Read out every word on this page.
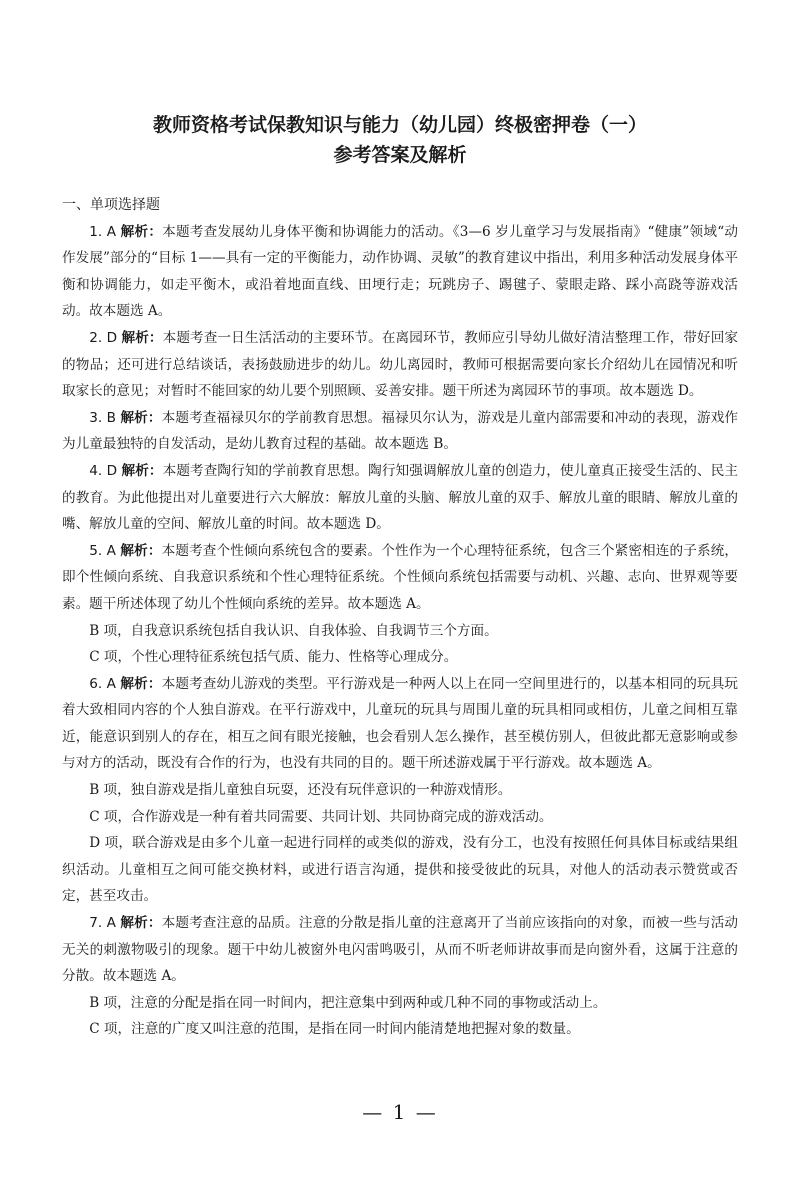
教师资格考试保教知识与能力（幼儿园）终极密押卷（一）
参考答案及解析
一、单项选择题

1. A 解析：本题考查发展幼儿身体平衡和协调能力的活动。《3—6 岁儿童学习与发展指南》“健康”领域“动作发展”部分的“目标 1——具有一定的平衡能力，动作协调、灵敏”的教育建议中指出，利用多种活动发展身体平衡和协调能力，如走平衡木，或沿着地面直线、田埂行走；玩跳房子、踢毽子、蒙眼走路、踩小高跷等游戏活动。故本题选 A。

2. D 解析：本题考查一日生活活动的主要环节。在离园环节，教师应引导幼儿做好清洁整理工作，带好回家的物品；还可进行总结谈话，表扬鼓励进步的幼儿。幼儿离园时，教师可根据需要向家长介绍幼儿在园情况和听取家长的意见；对暂时不能回家的幼儿要个别照顾、妥善安排。题干所述为离园环节的事项。故本题选 D。

3. B 解析：本题考查福禄贝尔的学前教育思想。福禄贝尔认为，游戏是儿童内部需要和冲动的表现，游戏作为儿童最独特的自发活动，是幼儿教育过程的基础。故本题选 B。

4. D 解析：本题考查陶行知的学前教育思想。陶行知强调解放儿童的创造力，使儿童真正接受生活的、民主的教育。为此他提出对儿童要进行六大解放：解放儿童的头脑、解放儿童的双手、解放儿童的眼睛、解放儿童的嘴、解放儿童的空间、解放儿童的时间。故本题选 D。

5. A 解析：本题考查个性倾向系统包含的要素。个性作为一个心理特征系统，包含三个紧密相连的子系统，即个性倾向系统、自我意识系统和个性心理特征系统。个性倾向系统包括需要与动机、兴趣、志向、世界观等要素。题干所述体现了幼儿个性倾向系统的差异。故本题选 A。

B 项，自我意识系统包括自我认识、自我体验、自我调节三个方面。

C 项，个性心理特征系统包括气质、能力、性格等心理成分。

6. A 解析：本题考查幼儿游戏的类型。平行游戏是一种两人以上在同一空间里进行的，以基本相同的玩具玩着大致相同内容的个人独自游戏。在平行游戏中，儿童玩的玩具与周围儿童的玩具相同或相仿，儿童之间相互靠近，能意识到别人的存在，相互之间有眼光接触，也会看别人怎么操作，甚至模仿别人，但彼此都无意影响或参与对方的活动，既没有合作的行为，也没有共同的目的。题干所述游戏属于平行游戏。故本题选 A。

B 项，独自游戏是指儿童独自玩耍，还没有玩伴意识的一种游戏情形。

C 项，合作游戏是一种有着共同需要、共同计划、共同协商完成的游戏活动。

D 项，联合游戏是由多个儿童一起进行同样的或类似的游戏，没有分工，也没有按照任何具体目标或结果组织活动。儿童相互之间可能交换材料，或进行语言沟通，提供和接受彼此的玩具，对他人的活动表示赞赏或否定，甚至攻击。

7. A 解析：本题考查注意的品质。注意的分散是指儿童的注意离开了当前应该指向的对象，而被一些与活动无关的刺激物吸引的现象。题干中幼儿被窗外电闪雷鸣吸引，从而不听老师讲故事而是向窗外看，这属于注意的分散。故本题选 A。

B 项，注意的分配是指在同一时间内，把注意集中到两种或几种不同的事物或活动上。

C 项，注意的广度又叫注意的范围，是指在同一时间内能清楚地把握对象的数量。

— 1 —
